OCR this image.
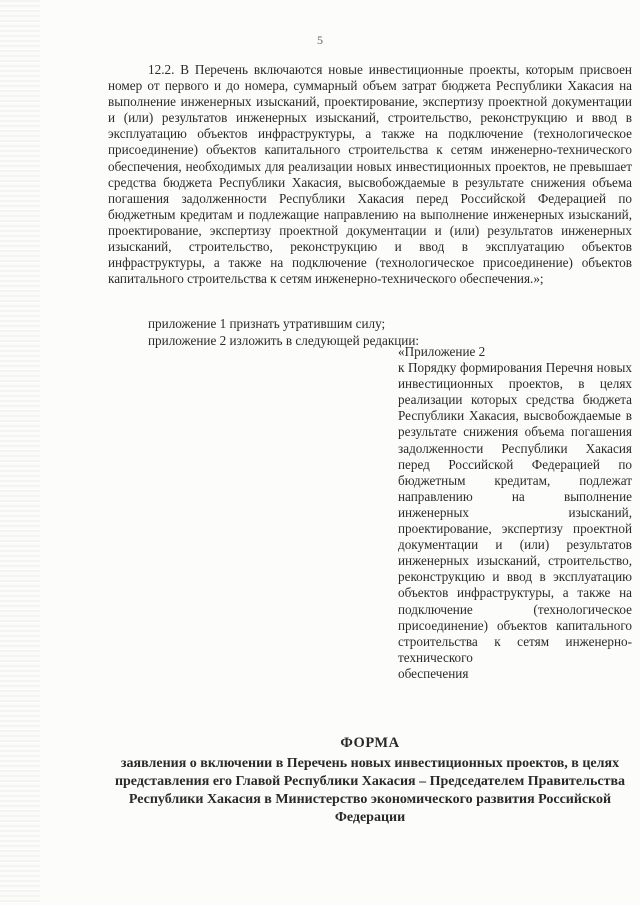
5

12.2. В Перечень включаются новые инвестиционные проекты, которым присвоен номер от первого и до номера, суммарный объем затрат бюджета Республики Хакасия на выполнение инженерных изысканий, проектирование, экспертизу проектной документации и (или) результатов инженерных изысканий, строительство, реконструкцию и ввод в эксплуатацию объектов инфраструктуры, а также на подключение (технологическое присоединение) объектов капитального строительства к сетям инженерно-технического обеспечения, необходимых для реализации новых инвестиционных проектов, не превышает средства бюджета Республики Хакасия, высвобождаемые в результате снижения объема погашения задолженности Республики Хакасия перед Российской Федерацией по бюджетным кредитам и подлежащие направлению на выполнение инженерных изысканий, проектирование, экспертизу проектной документации и (или) результатов инженерных изысканий, строительство, реконструкцию и ввод в эксплуатацию объектов инфраструктуры, а также на подключение (технологическое присоединение) объектов капитального строительства к сетям инженерно-технического обеспечения.»;

приложение 1 признать утратившим силу;

приложение 2 изложить в следующей редакции:

«Приложение 2

к Порядку формирования Перечня новых инвестиционных проектов, в целях реализации которых средства бюджета Республики Хакасия, высвобождаемые в результате снижения объема погашения задолженности Республики Хакасия перед Российской Федерацией по бюджетным кредитам, подлежат направлению на выполнение инженерных изысканий, проектирование, экспертизу проектной документации и (или) результатов инженерных изысканий, строительство, реконструкцию и ввод в эксплуатацию объектов инфраструктуры, а также на подключение (технологическое присоединение) объектов капитального строительства к сетям инженерно-технического

обеспечения

ФОРМА

заявления о включении в Перечень новых инвестиционных проектов, в целях представления его Главой Республики Хакасия – Председателем Правительства Республики Хакасия в Министерство экономического развития Российской Федерации
